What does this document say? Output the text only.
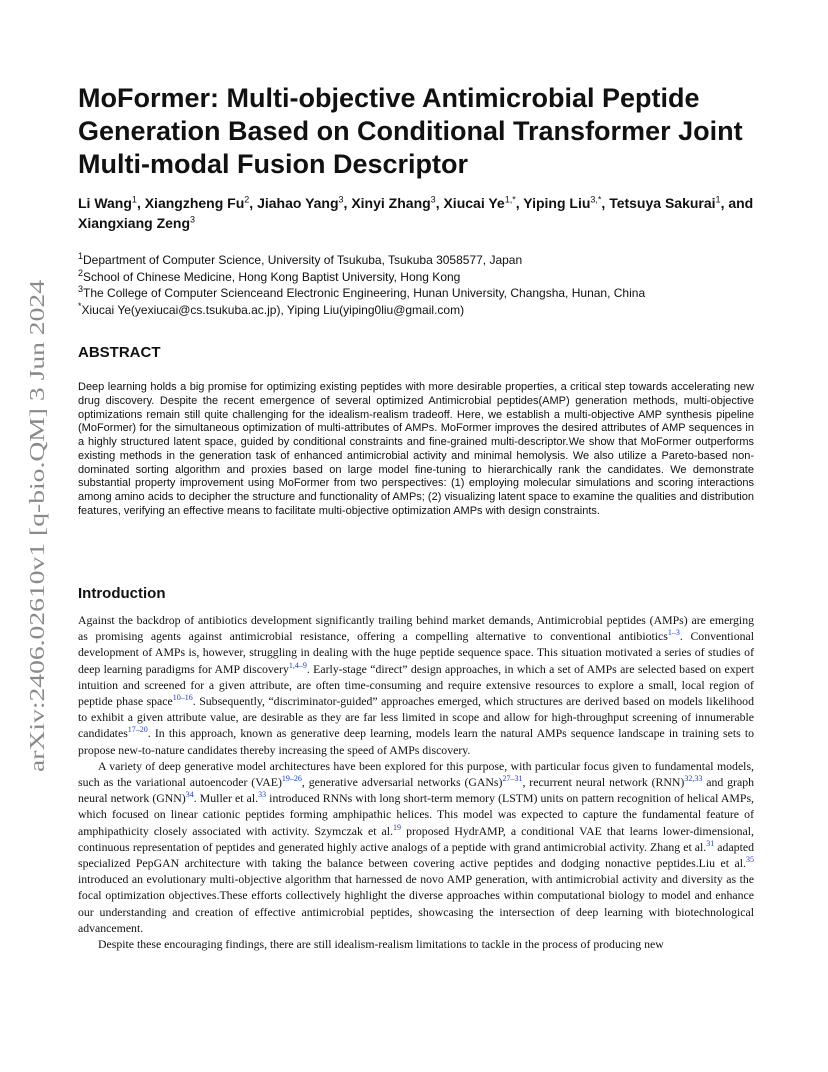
arXiv:2406.02610v1 [q-bio.QM] 3 Jun 2024
MoFormer: Multi-objective Antimicrobial Peptide Generation Based on Conditional Transformer Joint Multi-modal Fusion Descriptor
Li Wang$^1$, Xiangzheng Fu$^2$, Jiahao Yang$^3$, Xinyi Zhang$^3$, Xiucai $Ye^{1,*}$, Yiping Liu$^{3,*}$, Tetsuya Sakurai$^1$, and Xiangxiang Zeng$^3$
$^1$Department of Computer Science, University of Tsukuba, Tsukuba 3058577, Japan
$^2$School of Chinese Medicine, Hong Kong Baptist University, Hong Kong
$^3$The College of Computer Scienceand Electronic Engineering, Hunan University, Changsha, Hunan, China
*Xiucai Ye(yexiucai@cs.tsukuba.ac.jp), Yiping Liu(yiping0liu@gmail.com)
ABSTRACT

Deep learning holds a big promise for optimizing existing peptides with more desirable properties, a critical step towards accelerating new drug discovery. Despite the recent emergence of several optimized Antimicrobial peptides(AMP) generation methods, multi-objective optimizations remain still quite challenging for the idealism-realism tradeoff. Here, we establish a multi-objective AMP synthesis pipeline (MoFormer) for the simultaneous optimization of multi-attributes of AMPs. MoFormer improves the desired attributes of AMP sequences in a highly structured latent space, guided by conditional constraints and fine-grained multi-descriptor.We show that MoFormer outperforms existing methods in the generation task of enhanced antimicrobial activity and minimal hemolysis. We also utilize a Pareto-based non-dominated sorting algorithm and proxies based on large model fine-tuning to hierarchically rank the candidates. We demonstrate substantial property improvement using MoFormer from two perspectives: (1) employing molecular simulations and scoring interactions among amino acids to decipher the structure and functionality of AMPs; (2) visualizing latent space to examine the qualities and distribution features, verifying an effective means to facilitate multi-objective optimization AMPs with design constraints.

Introduction

Against the backdrop of antibiotics development significantly trailing behind market demands, Antimicrobial peptides (AMPs) are emerging as promising agents against antimicrobial resistance, offering a compelling alternative to conventional antibiotics$^{1-3}$. Conventional development of AMPs is, however, struggling in dealing with the huge peptide sequence space. This situation motivated a series of studies of deep learning paradigms for AMP discovery$^{1,4-9}$. Early-stage “direct” design approaches, in which a set of AMPs are selected based on expert intuition and screened for a given attribute, are often time-consuming and require extensive resources to explore a small, local region of peptide phase space$^{10-16}$. Subsequently, “discriminator-guided” approaches emerged, which structures are derived based on models likelihood to exhibit a given attribute value, are desirable as they are far less limited in scope and allow for high-throughput screening of innumerable candidates$^{17-20}$. In this approach, known as generative deep learning, models learn the natural AMPs sequence landscape in training sets to propose new-to-nature candidates thereby increasing the speed of AMPs discovery.

A variety of deep generative model architectures have been explored for this purpose, with particular focus given to fundamental models, such as the variational autoencoder (VAE)$^{19-26}$, generative adversarial networks (GANs)$^{27-31}$, recurrent neural network (RNN)$^{32,33}$ and graph neural network (GNN)$^{34}$. Muller et al.$^{33}$ introduced RNNs with long short-term memory (LSTM) units on pattern recognition of helical AMPs, which focused on linear cationic peptides forming amphipathic helices. This model was expected to capture the fundamental feature of amphipathicity closely associated with activity. Szymczak et al.$^{19}$ proposed HydrAMP, a conditional VAE that learns lower-dimensional, continuous representation of peptides and generated highly active analogs of a peptide with grand antimicrobial activity. Zhang et al.$^{31}$ adapted specialized PepGAN architecture with taking the balance between covering active peptides and dodging nonactive peptides.Liu et al.$^{35}$ introduced an evolutionary multi-objective algorithm that harnessed de novo AMP generation, with antimicrobial activity and diversity as the focal optimization objectives.These efforts collectively highlight the diverse approaches within computational biology to model and enhance our understanding and creation of effective antimicrobial peptides, showcasing the intersection of deep learning with biotechnological advancement.

Despite these encouraging findings, there are still idealism-realism limitations to tackle in the process of producing new
